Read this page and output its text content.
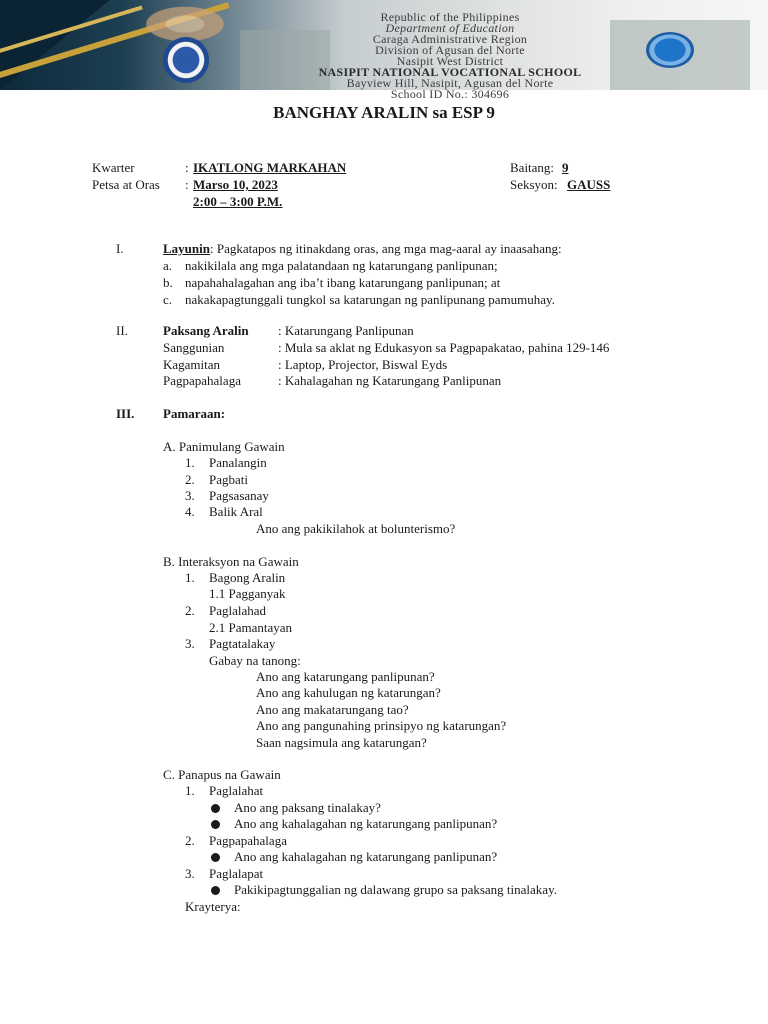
Republic of the Philippines
Department of Education
Caraga Administrative Region
Division of Agusan del Norte
Nasipit West District
NASIPIT NATIONAL VOCATIONAL SCHOOL
Bayview Hill, Nasipit, Agusan del Norte
School ID No.: 304696
BANGHAY ARALIN sa ESP 9
Kwarter	: IKATLONG MARKAHAN
Petsa at Oras : Marso 10, 2023
2:00 – 3:00 P.M.
Baitang: 9
Seksyon: GAUSS
I.	Layunin: Pagkatapos ng itinakdang oras, ang mga mag-aaral ay inaasahang:
a. nakikilala ang mga palatandaan ng katarungang panlipunan;
b. napahahalagahan ang iba’t ibang katarungang panlipunan; at
c. nakakapagtunggali tungkol sa katarungan ng panlipunang pamumuhay.
II.	Paksang Aralin : Katarungang Panlipunan
Sanggunian	: Mula sa aklat ng Edukasyon sa Pagpapakatao, pahina 129-146
Kagamitan	: Laptop, Projector, Biswal Eyds
Pagpapahalaga	: Kahalagahan ng Katarungang Panlipunan
III. Pamaraan:
A. Panimulang Gawain
1. Panalangin
2. Pagbati
3. Pagsasanay
4. Balik Aral
Ano ang pakikilahok at bolunterismo?
B. Interaksyon na Gawain
1. Bagong Aralin
1.1 Pagganyak
2. Paglalahad
2.1 Pamantayan
3. Pagtatalakay
Gabay na tanong:
Ano ang katarungang panlipunan?
Ano ang kahulugan ng katarungan?
Ano ang makatarungang tao?
Ano ang pangunahing prinsipyo ng katarungan?
Saan nagsimula ang katarungan?
C. Panapus na Gawain
1. Paglalahat
Ano ang paksang tinalakay?
Ano ang kahalagahan ng katarungang panlipunan?
2. Pagpapahalaga
Ano ang kahalagahan ng katarungang panlipunan?
3. Paglalapat
Pakikipagtunggalian ng dalawang grupo sa paksang tinalakay.
Krayterya:
